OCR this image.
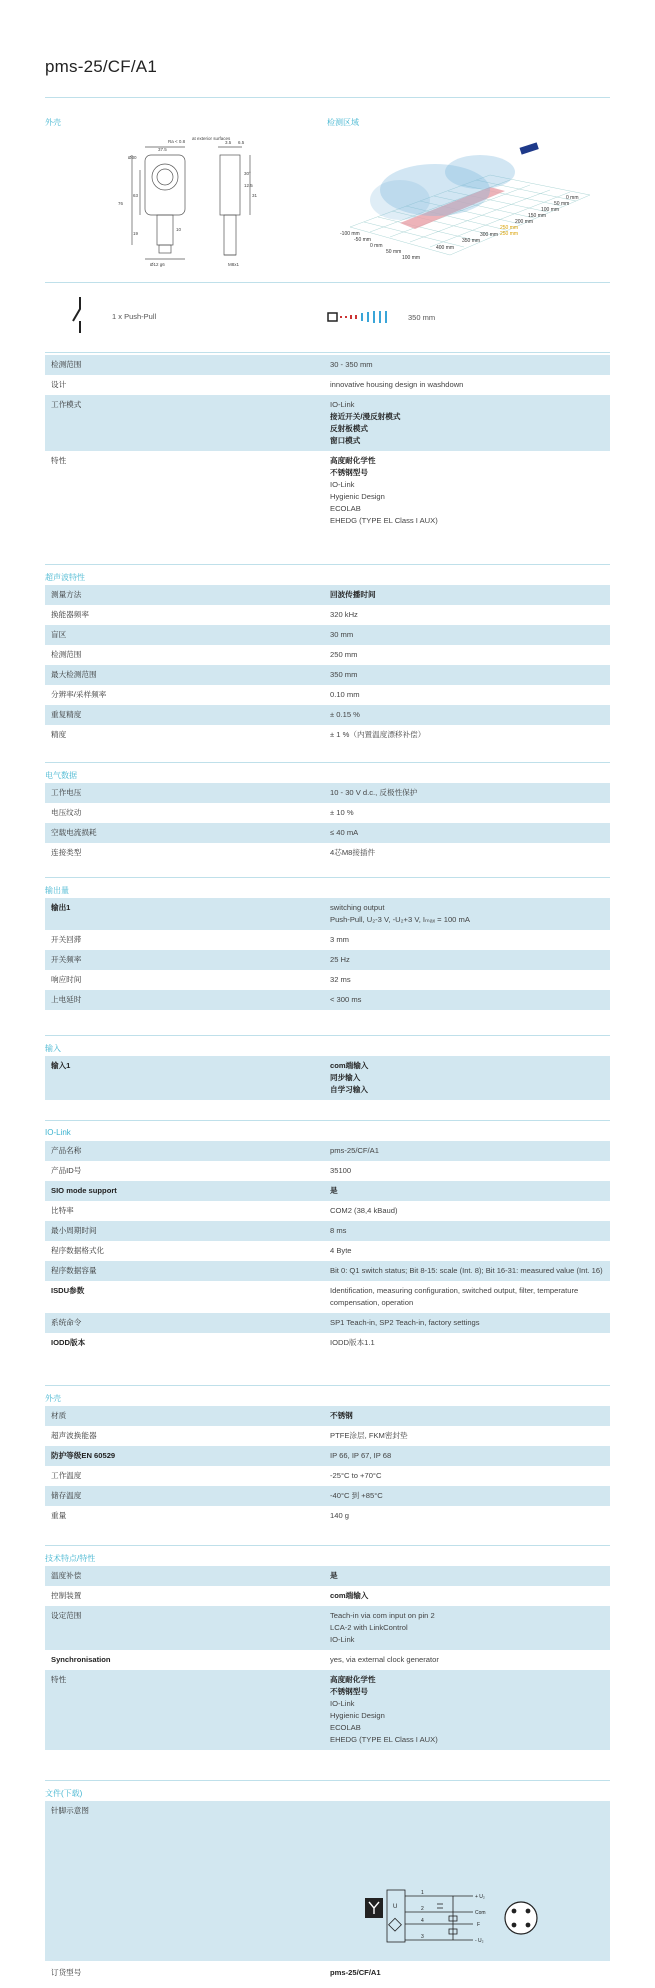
pms-25/CF/A1
外壳	检测区域
at exterior surfaces
Ra < 0.8
37.5
Ø30
76
63
19
10
Ø12 g6	M8x1
3.5
30°
12.5
31
6.5
0 mm
50 mm
100 mm
150 mm
200 mm
250 mm
300 mm
350 mm
400 mm
-100 mm
-50 mm
0 mm
50 mm
100 mm
250 mm
1 x Push-Pull	350 mm
检测范围	30 - 350 mm
设计	innovative housing design in washdown
工作模式	IO-Link
接近开关/漫反射模式
反射板模式
窗口模式
特性	高度耐化学性
不锈钢型号
IO-Link
Hygienic Design
ECOLAB
EHEDG (TYPE EL Class I AUX)
超声波特性
测量方法	回波传播时间
换能器频率	320 kHz
盲区	30 mm
检测范围	250 mm
最大检测范围	350 mm
分辨率/采样频率	0.10 mm
重复精度	± 0.15 %
精度	± 1 %（内置温度漂移补偿）
电气数据
工作电压	10 - 30 V d.c., 反极性保护
电压纹动	± 10 %
空载电流损耗	≤ 40 mA
连接类型	4芯M8接插件
输出量
输出1	switching output
Push-Pull, U₂-3 V, -U₂+3 V, Iₘₐₓ = 100 mA
开关回滞	3 mm
开关频率	25 Hz
响应时间	32 ms
上电延时	< 300 ms
输入
输入1	com端输入
同步输入
自学习输入
IO-Link
产品名称	pms-25/CF/A1
产品ID号	35100
SIO mode support	是
比特率	COM2 (38,4 kBaud)
最小周期时间	8 ms
程序数据格式化	4 Byte
程序数据容量	Bit 0: Q1 switch status; Bit 8-15: scale (Int. 8); Bit 16-31: measured value (Int. 16)
ISDU参数	Identification, measuring configuration, switched output, filter, temperature compensation, operation
系统命令	SP1 Teach-in, SP2 Teach-in, factory settings
IODD版本	IODD版本1.1
外壳
材质	不锈钢
超声波换能器	PTFE涂层, FKM密封垫
防护等级EN 60529	IP 66, IP 67, IP 68
工作温度	-25°C to +70°C
储存温度	-40°C 到 +85°C
重量	140 g
技术特点/特性
温度补偿	是
控制装置	com端输入
设定范围	Teach-in via com input on pin 2
LCA-2 with LinkControl
IO-Link
Synchronisation	yes, via external clock generator
特性	高度耐化学性
不锈钢型号
IO-Link
Hygienic Design
ECOLAB
EHEDG (TYPE EL Class I AUX)
文件(下载)
针脚示意图
U
1
2
4
3
+ U₂
Com
F
- U₂
订货型号	pms-25/CF/A1
